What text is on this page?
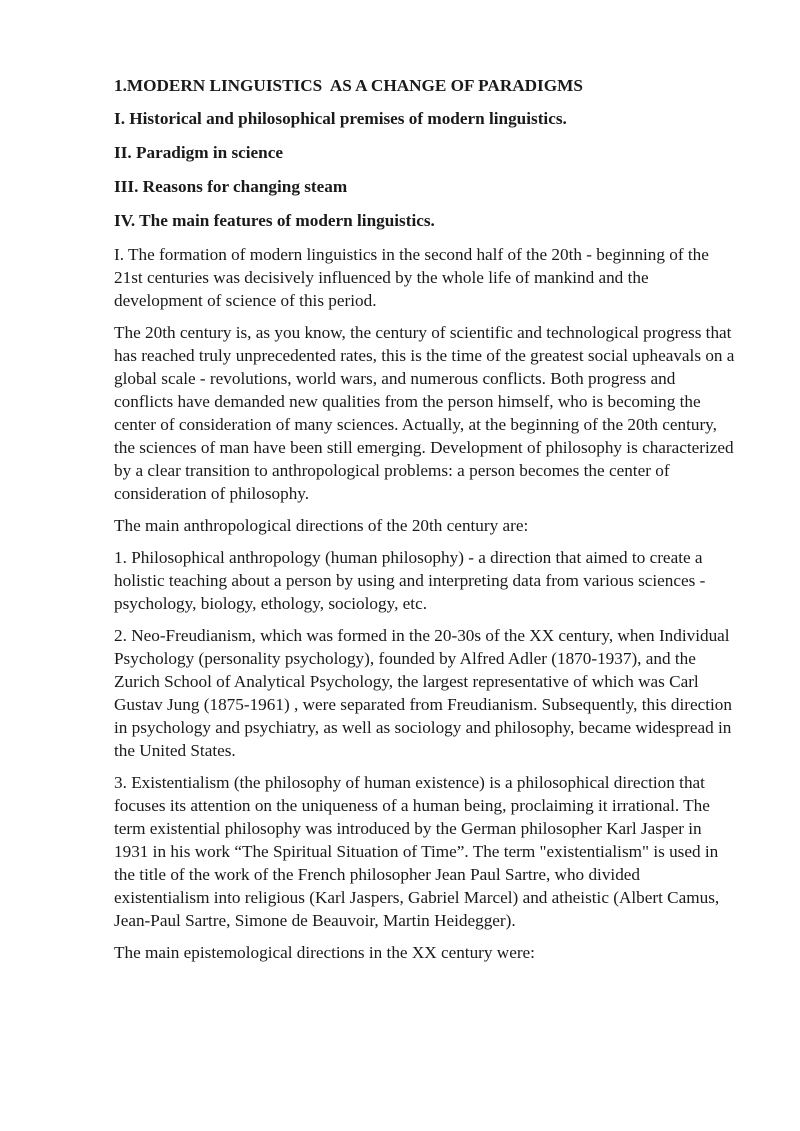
1.MODERN LINGUISTICS  AS A CHANGE OF PARADIGMS
I. Historical and philosophical premises of modern linguistics.
II. Paradigm in science
III. Reasons for changing steam
IV. The main features of modern linguistics.

I. The formation of modern linguistics in the second half of the 20th - beginning of the 21st centuries was decisively influenced by the whole life of mankind and the development of science of this period.

The 20th century is, as you know, the century of scientific and technological progress that has reached truly unprecedented rates, this is the time of the greatest social upheavals on a global scale - revolutions, world wars, and numerous conflicts. Both progress and conflicts have demanded new qualities from the person himself, who is becoming the center of consideration of many sciences. Actually, at the beginning of the 20th century, the sciences of man have been still emerging. Development of philosophy is characterized by a clear transition to anthropological problems: a person becomes the center of consideration of philosophy.

The main anthropological directions of the 20th century are:

1. Philosophical anthropology (human philosophy) - a direction that aimed to create a holistic teaching about a person by using and interpreting data from various sciences - psychology, biology, ethology, sociology, etc.

2. Neo-Freudianism, which was formed in the 20-30s of the XX century, when Individual Psychology (personality psychology), founded by Alfred Adler (1870-1937), and the Zurich School of Analytical Psychology, the largest representative of which was Carl Gustav Jung (1875-1961) , were separated from Freudianism. Subsequently, this direction in psychology and psychiatry, as well as sociology and philosophy, became widespread in the United States.

3. Existentialism (the philosophy of human existence) is a philosophical direction that focuses its attention on the uniqueness of a human being, proclaiming it irrational. The term existential philosophy was introduced by the German philosopher Karl Jasper in 1931 in his work “The Spiritual Situation of Time”. The term "existentialism" is used in the title of the work of the French philosopher Jean Paul Sartre, who divided existentialism into religious (Karl Jaspers, Gabriel Marcel) and atheistic (Albert Camus, Jean-Paul Sartre, Simone de Beauvoir, Martin Heidegger).

The main epistemological directions in the XX century were:
